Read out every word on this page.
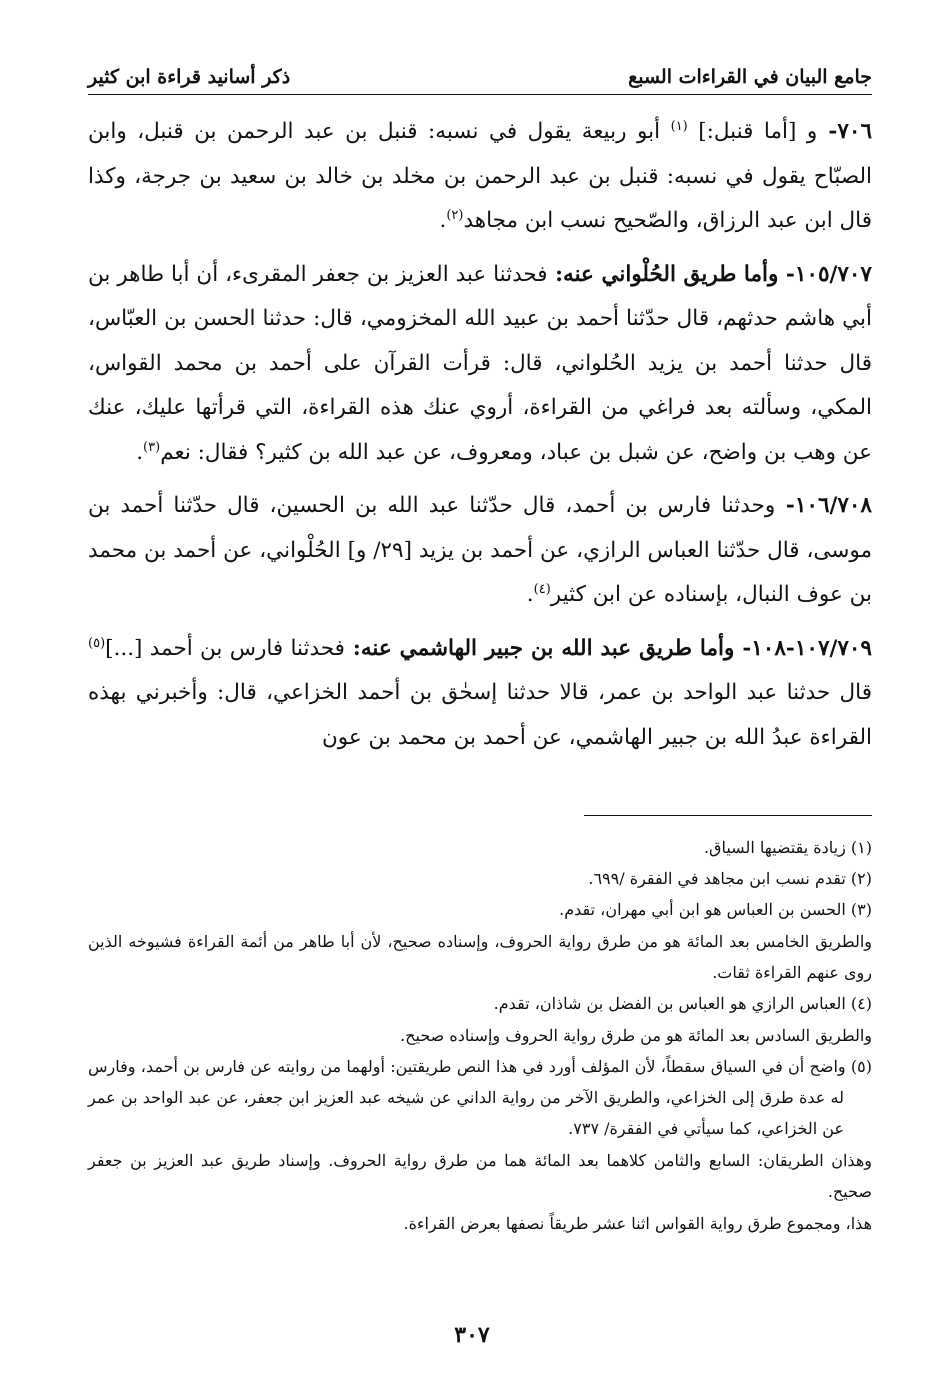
جامع البيان في القراءات السبع
ذكر أسانيد قراءة ابن كثير

٧٠٦- و [أما قنبل:] $^{(١)}$ أبو ربيعة يقول في نسبه: قنبل بن عبد الرحمن بن قنبل، وابن الصبّاح يقول في نسبه: قنبل بن عبد الرحمن بن مخلد بن خالد بن سعيد بن جرجة، وكذا قال ابن عبد الرزاق، والصّحيح نسب ابن مجاهد$^{(٢)}$.

١٠٥/٧٠٧- وأما طريق الحُلْواني عنه: فحدثنا عبد العزيز بن جعفر المقرىء، أن أبا طاهر بن أبي هاشم حدثهم، قال حدّثنا أحمد بن عبيد الله المخزومي، قال: حدثنا الحسن بن العبّاس، قال حدثنا أحمد بن يزيد الحُلواني، قال: قرأت القرآن على أحمد بن محمد القواس، المكي، وسألته بعد فراغي من القراءة، أروي عنك هذه القراءة، التي قرأتها عليك، عنك عن وهب بن واضح، عن شبل بن عباد، ومعروف، عن عبد الله بن كثير؟ فقال: نعم$^{(٣)}$.

١٠٦/٧٠٨- وحدثنا فارس بن أحمد، قال حدّثنا عبد الله بن الحسين، قال حدّثنا أحمد بن موسى، قال حدّثنا العباس الرازي، عن أحمد بن يزيد [٢٩/ و] الحُلْواني، عن أحمد بن محمد بن عوف النبال، بإسناده عن ابن كثير$^{(٤)}$.

١٠٧/٧٠٩-١٠٨- وأما طريق عبد الله بن جبير الهاشمي عنه: فحدثنا فارس بن أحمد [...]$^{(٥)}$ قال حدثنا عبد الواحد بن عمر، قالا حدثنا إسحٰق بن أحمد الخزاعي، قال: وأخبرني بهذه القراءة عبدُ الله بن جبير الهاشمي، عن أحمد بن محمد بن عون

(١) زيادة يقتضيها السياق.

(٢) تقدم نسب ابن مجاهد في الفقرة /٦٩٩.

(٣) الحسن بن العباس هو ابن أبي مهران، تقدم.

والطريق الخامس بعد المائة هو من طرق رواية الحروف، وإسناده صحيح، لأن أبا طاهر من أئمة القراءة فشيوخه الذين روى عنهم القراءة ثقات.

(٤) العباس الرازي هو العباس بن الفضل بن شاذان، تقدم.

والطريق السادس بعد المائة هو من طرق رواية الحروف وإسناده صحيح.

(٥) واضح أن في السياق سقطاً، لأن المؤلف أورد في هذا النص طريقتين: أولهما من روايته عن فارس بن أحمد، وفارس له عدة طرق إلى الخزاعي، والطريق الآخر من رواية الداني عن شيخه عبد العزيز ابن جعفر، عن عبد الواحد بن عمر عن الخزاعي، كما سيأتي في الفقرة/ ٧٣٧.

وهذان الطريقان: السابع والثامن كلاهما بعد المائة هما من طرق رواية الحروف. وإسناد طريق عبد العزيز بن جعفر صحيح.

هذا، ومجموع طرق رواية القواس اثنا عشر طريقاً نصفها بعرض القراءة.

٣٠٧
